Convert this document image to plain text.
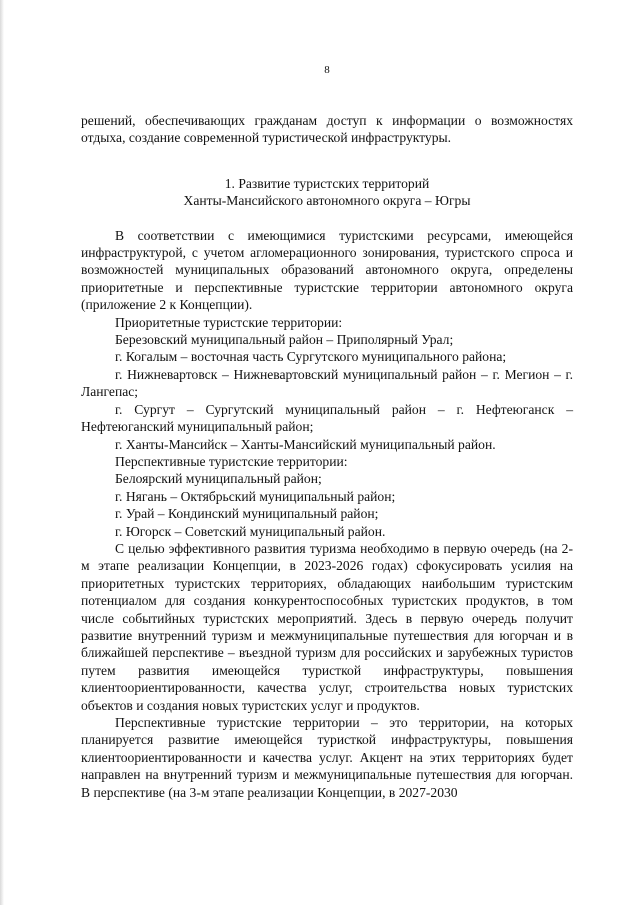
8

решений, обеспечивающих гражданам доступ к информации о возможностях отдыха, создание современной туристической инфраструктуры.

1. Развитие туристских территорий
Ханты-Мансийского автономного округа – Югры

В соответствии с имеющимися туристскими ресурсами, имеющейся инфраструктурой, с учетом агломерационного зонирования, туристского спроса и возможностей муниципальных образований автономного округа, определены приоритетные и перспективные туристские территории автономного округа (приложение 2 к Концепции).

Приоритетные туристские территории:

Березовский муниципальный район – Приполярный Урал;

г. Когалым – восточная часть Сургутского муниципального района;

г. Нижневартовск – Нижневартовский муниципальный район – г. Мегион – г. Лангепас;

г. Сургут – Сургутский муниципальный район – г. Нефтеюганск – Нефтеюганский муниципальный район;

г. Ханты-Мансийск – Ханты-Мансийский муниципальный район.

Перспективные туристские территории:

Белоярский муниципальный район;

г. Нягань – Октябрьский муниципальный район;

г. Урай – Кондинский муниципальный район;

г. Югорск – Советский муниципальный район.

С целью эффективного развития туризма необходимо в первую очередь (на 2-м этапе реализации Концепции, в 2023-2026 годах) сфокусировать усилия на приоритетных туристских территориях, обладающих наибольшим туристским потенциалом для создания конкурентоспособных туристских продуктов, в том числе событийных туристских мероприятий. Здесь в первую очередь получит развитие внутренний туризм и межмуниципальные путешествия для югорчан и в ближайшей перспективе – въездной туризм для российских и зарубежных туристов путем развития имеющейся туристкой инфраструктуры, повышения клиентоориентированности, качества услуг, строительства новых туристских объектов и создания новых туристских услуг и продуктов.

Перспективные туристские территории – это территории, на которых планируется развитие имеющейся туристкой инфраструктуры, повышения клиентоориентированности и качества услуг. Акцент на этих территориях будет направлен на внутренний туризм и межмуниципальные путешествия для югорчан. В перспективе (на 3-м этапе реализации Концепции, в 2027-2030
